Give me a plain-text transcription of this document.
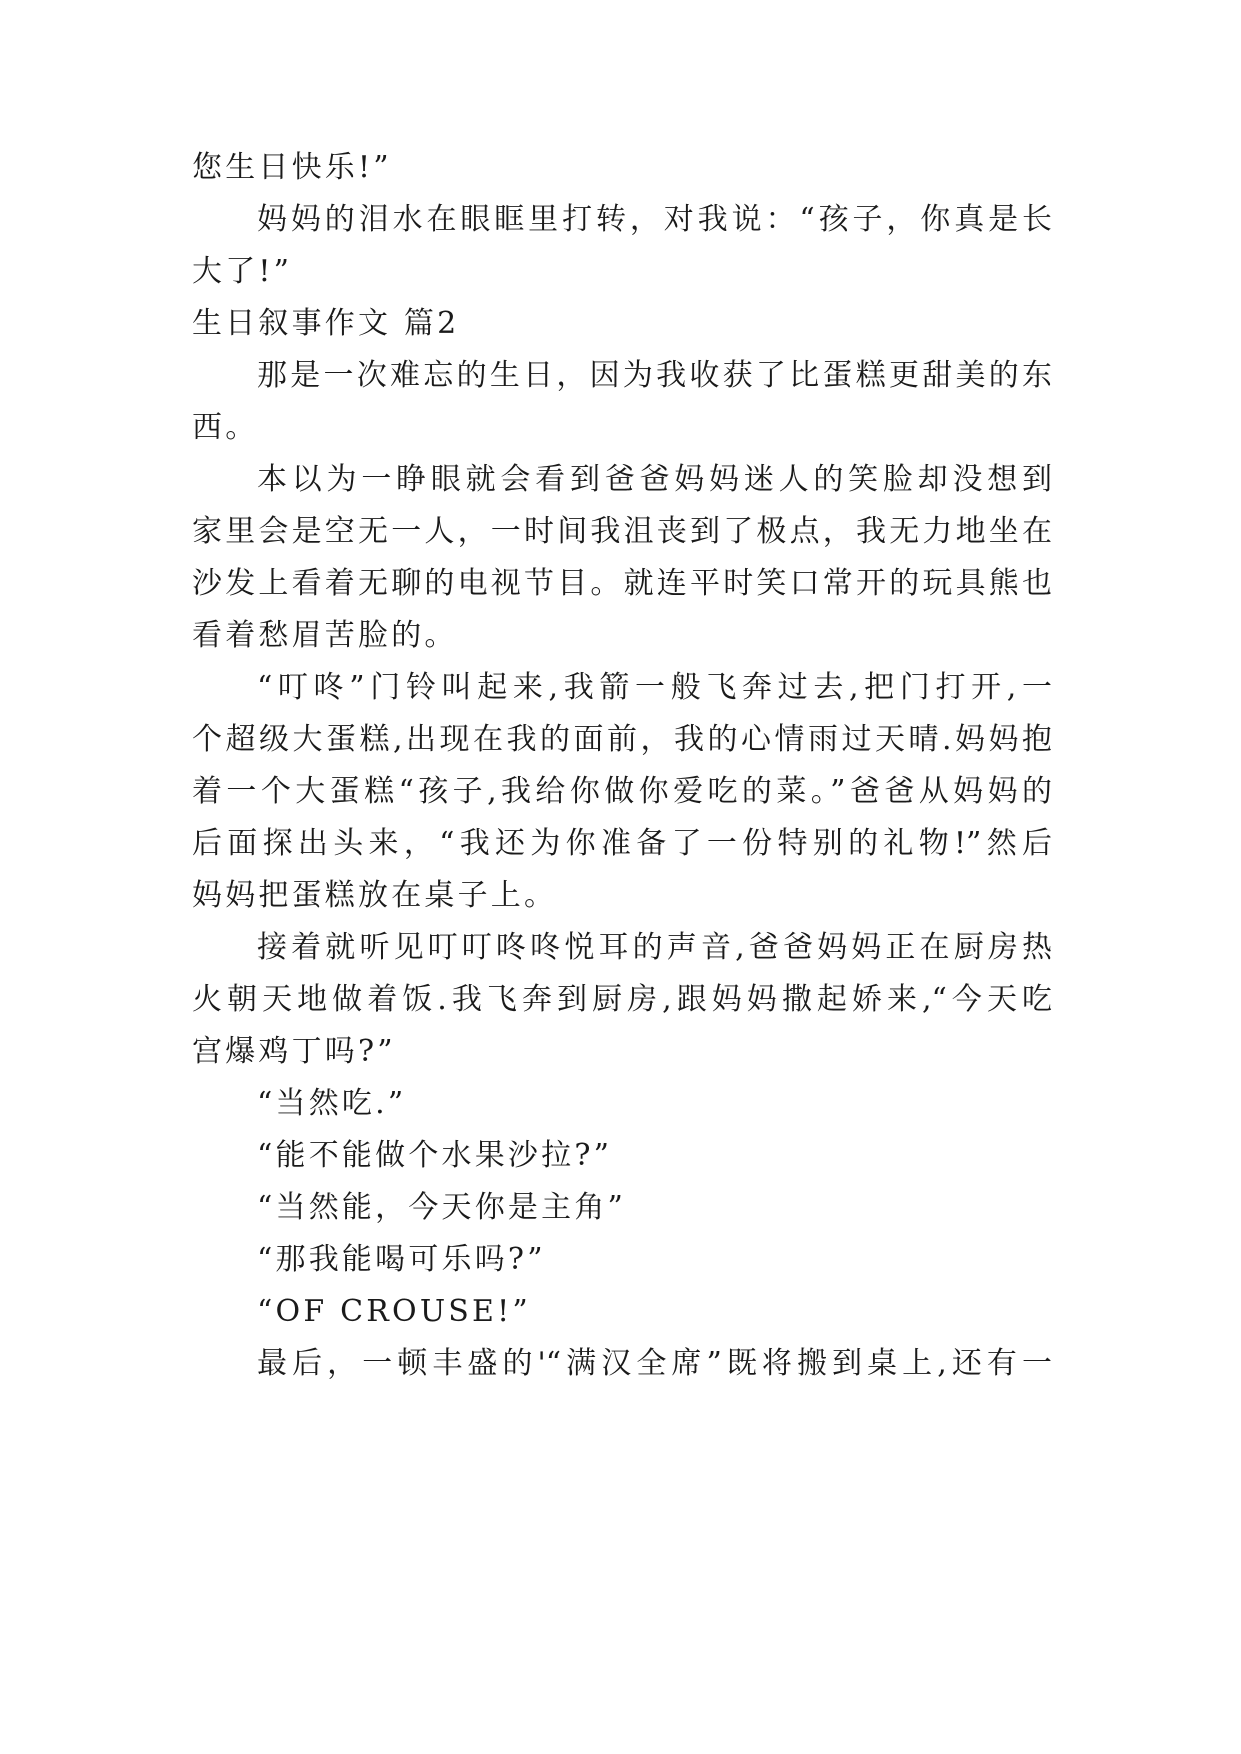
您生日快乐!”
妈妈的泪水在眼眶里打转，对我说：“孩子，你真是长
大了!”
生日叙事作文 篇2
那是一次难忘的生日，因为我收获了比蛋糕更甜美的东
西。
本以为一睁眼就会看到爸爸妈妈迷人的笑脸却没想到
家里会是空无一人，一时间我沮丧到了极点，我无力地坐在
沙发上看着无聊的电视节目。就连平时笑口常开的玩具熊也
看着愁眉苦脸的。
“叮咚”门铃叫起来,我箭一般飞奔过去,把门打开,一
个超级大蛋糕,出现在我的面前，我的心情雨过天晴.妈妈抱
着一个大蛋糕“孩子,我给你做你爱吃的菜。”爸爸从妈妈的
后面探出头来，“我还为你准备了一份特别的礼物!”然后
妈妈把蛋糕放在桌子上。
接着就听见叮叮咚咚悦耳的声音,爸爸妈妈正在厨房热
火朝天地做着饭.我飞奔到厨房,跟妈妈撒起娇来,“今天吃
宫爆鸡丁吗?”
“当然吃.”
“能不能做个水果沙拉?”
“当然能，今天你是主角”
“那我能喝可乐吗?”
“OF CROUSE!”
最后，一顿丰盛的'“满汉全席”既将搬到桌上,还有一
